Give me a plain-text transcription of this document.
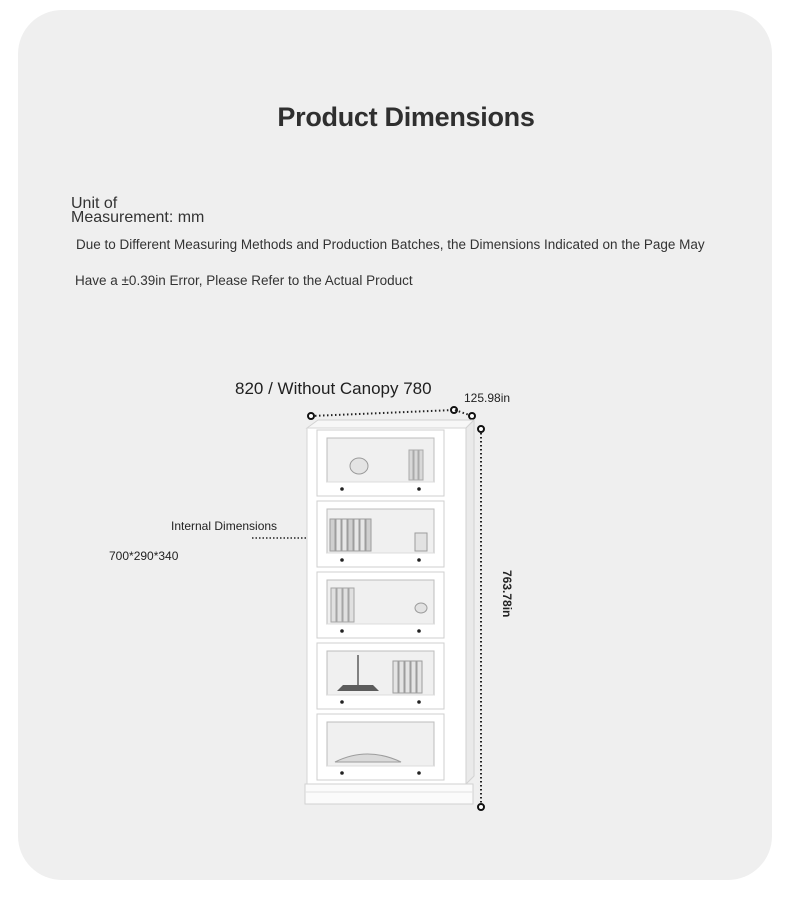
Product Dimensions
Unit of
Measurement: mm
Due to Different Measuring Methods and Production Batches, the Dimensions Indicated on the Page May
Have a ±0.39in Error, Please Refer to the Actual Product
820 / Without Canopy 780	125.98in
763.78in
Internal Dimensions
700*290*340
